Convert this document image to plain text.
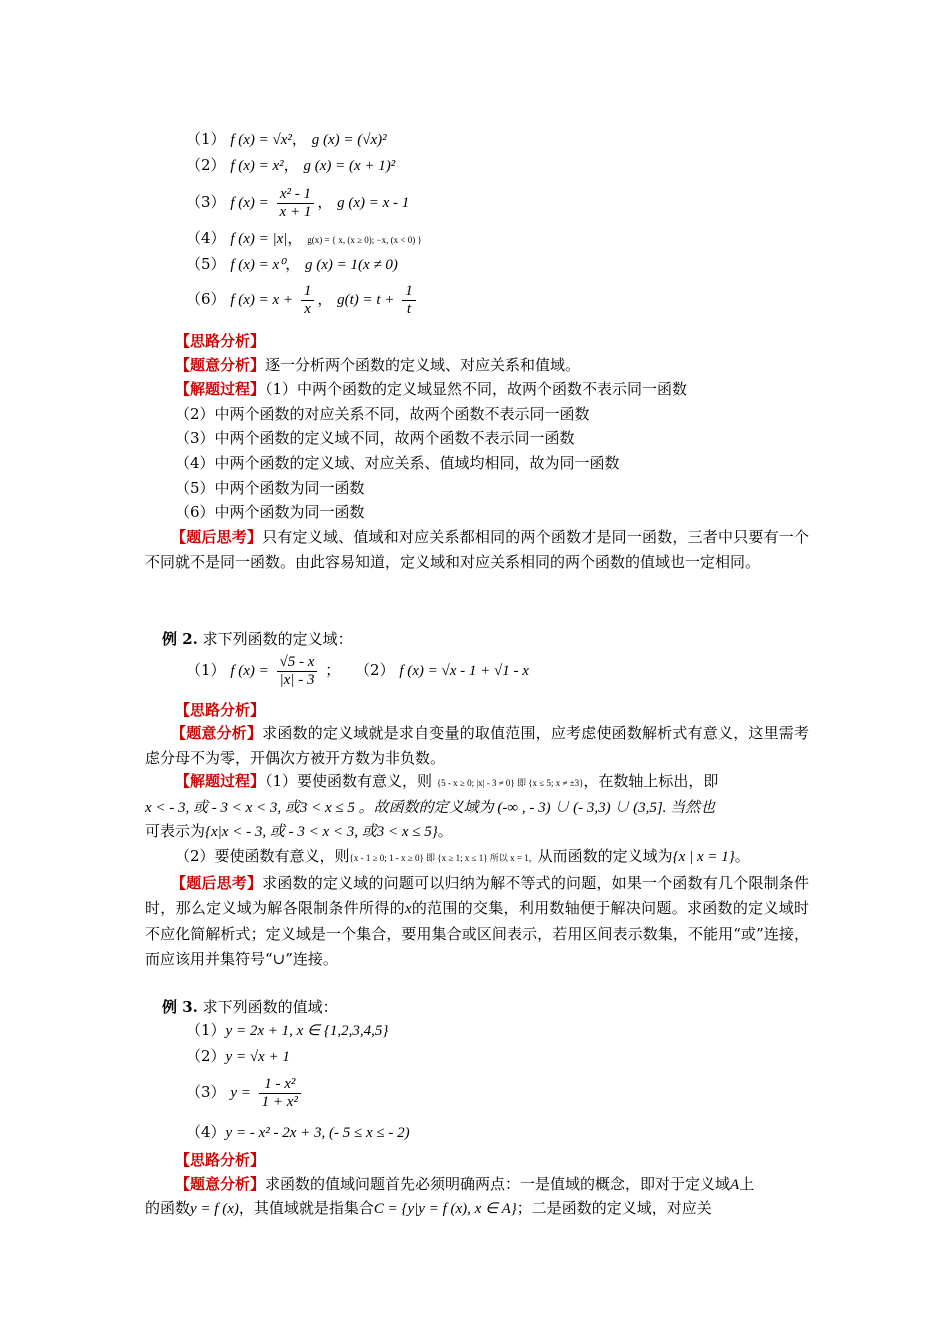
（1） f (x) = √x²， g (x) = (√x)²
（2） f (x) = x²， g (x) = (x + 1)²
（3） f $(x) = \frac{\text{x² - 1}}{x + 1}$ ， g (x) = x - 1
（4） f (x) = |x|， g(x) = { x, (x ≥ 0); −x, (x < 0) }
（5） f (x) = x⁰， g (x) = 1(x ≠ 0)
（6） f $(x) = x + \frac{1}{x}$ ， $g(t) = t + \frac{1}{t}$
【思路分析】
【题意分析】逐一分析两个函数的定义域、对应关系和值域。
【解题过程】（1）中两个函数的定义域显然不同，故两个函数不表示同一函数
（2）中两个函数的对应关系不同，故两个函数不表示同一函数
（3）中两个函数的定义域不同，故两个函数不表示同一函数
（4）中两个函数的定义域、对应关系、值域均相同，故为同一函数
（5）中两个函数为同一函数
（6）中两个函数为同一函数
【题后思考】只有定义域、值域和对应关系都相同的两个函数才是同一函数，三者中只要有一个不同就不是同一函数。由此容易知道，定义域和对应关系相同的两个函数的值域也一定相同。
例 2. 求下列函数的定义域：
（1） f $(x) = \frac{√5 - x}{|x| - 3}$ ； （2） f (x) = √x - 1 + √1 - x
【思路分析】
【题意分析】求函数的定义域就是求自变量的取值范围，应考虑使函数解析式有意义，这里需考虑分母不为零，开偶次方被开方数为非负数。
【解题过程】（1）要使函数有意义，则 {5 - x ≥ 0; |x| - 3 ≠ 0} 即 {x ≤ 5; x ≠ ±3}，在数轴上标出，即
x < - 3, 或 - 3 < x < 3, 或3 < x ≤ 5 。故函数的定义域为 (-∞ , - 3) ∪ (- 3,3) ∪ (3,5]. 当然也
可表示为{x|x < - 3, 或 - 3 < x < 3, 或3 < x ≤ 5}。
（2）要使函数有意义，则{x - 1 ≥ 0; 1 - x ≥ 0} 即 {x ≥ 1; x ≤ 1} 所以 x = 1，从而函数的定义域为{x | x = 1}。
【题后思考】求函数的定义域的问题可以归纳为解不等式的问题，如果一个函数有几个限制条件时，那么定义域为解各限制条件所得的x的范围的交集，利用数轴便于解决问题。求函数的定义域时不应化简解析式；定义域是一个集合，要用集合或区间表示，若用区间表示数集，不能用“或”连接，而应该用并集符号“∪”连接。
例 3. 求下列函数的值域：
（1）y = 2x + 1, x ∈ {1,2,3,4,5}
（2）y = √x + 1
（3） $y = \frac{\text{1 - x²}}{\text{1 + x²}}$
（4）y = - x² - 2x + 3, (- 5 ≤ x ≤ - 2)
【思路分析】
【题意分析】求函数的值域问题首先必须明确两点：一是值域的概念，即对于定义域A上
的函数y = f (x)，其值域就是指集合C = {y|y = f (x), x ∈ A}；二是函数的定义域，对应关
